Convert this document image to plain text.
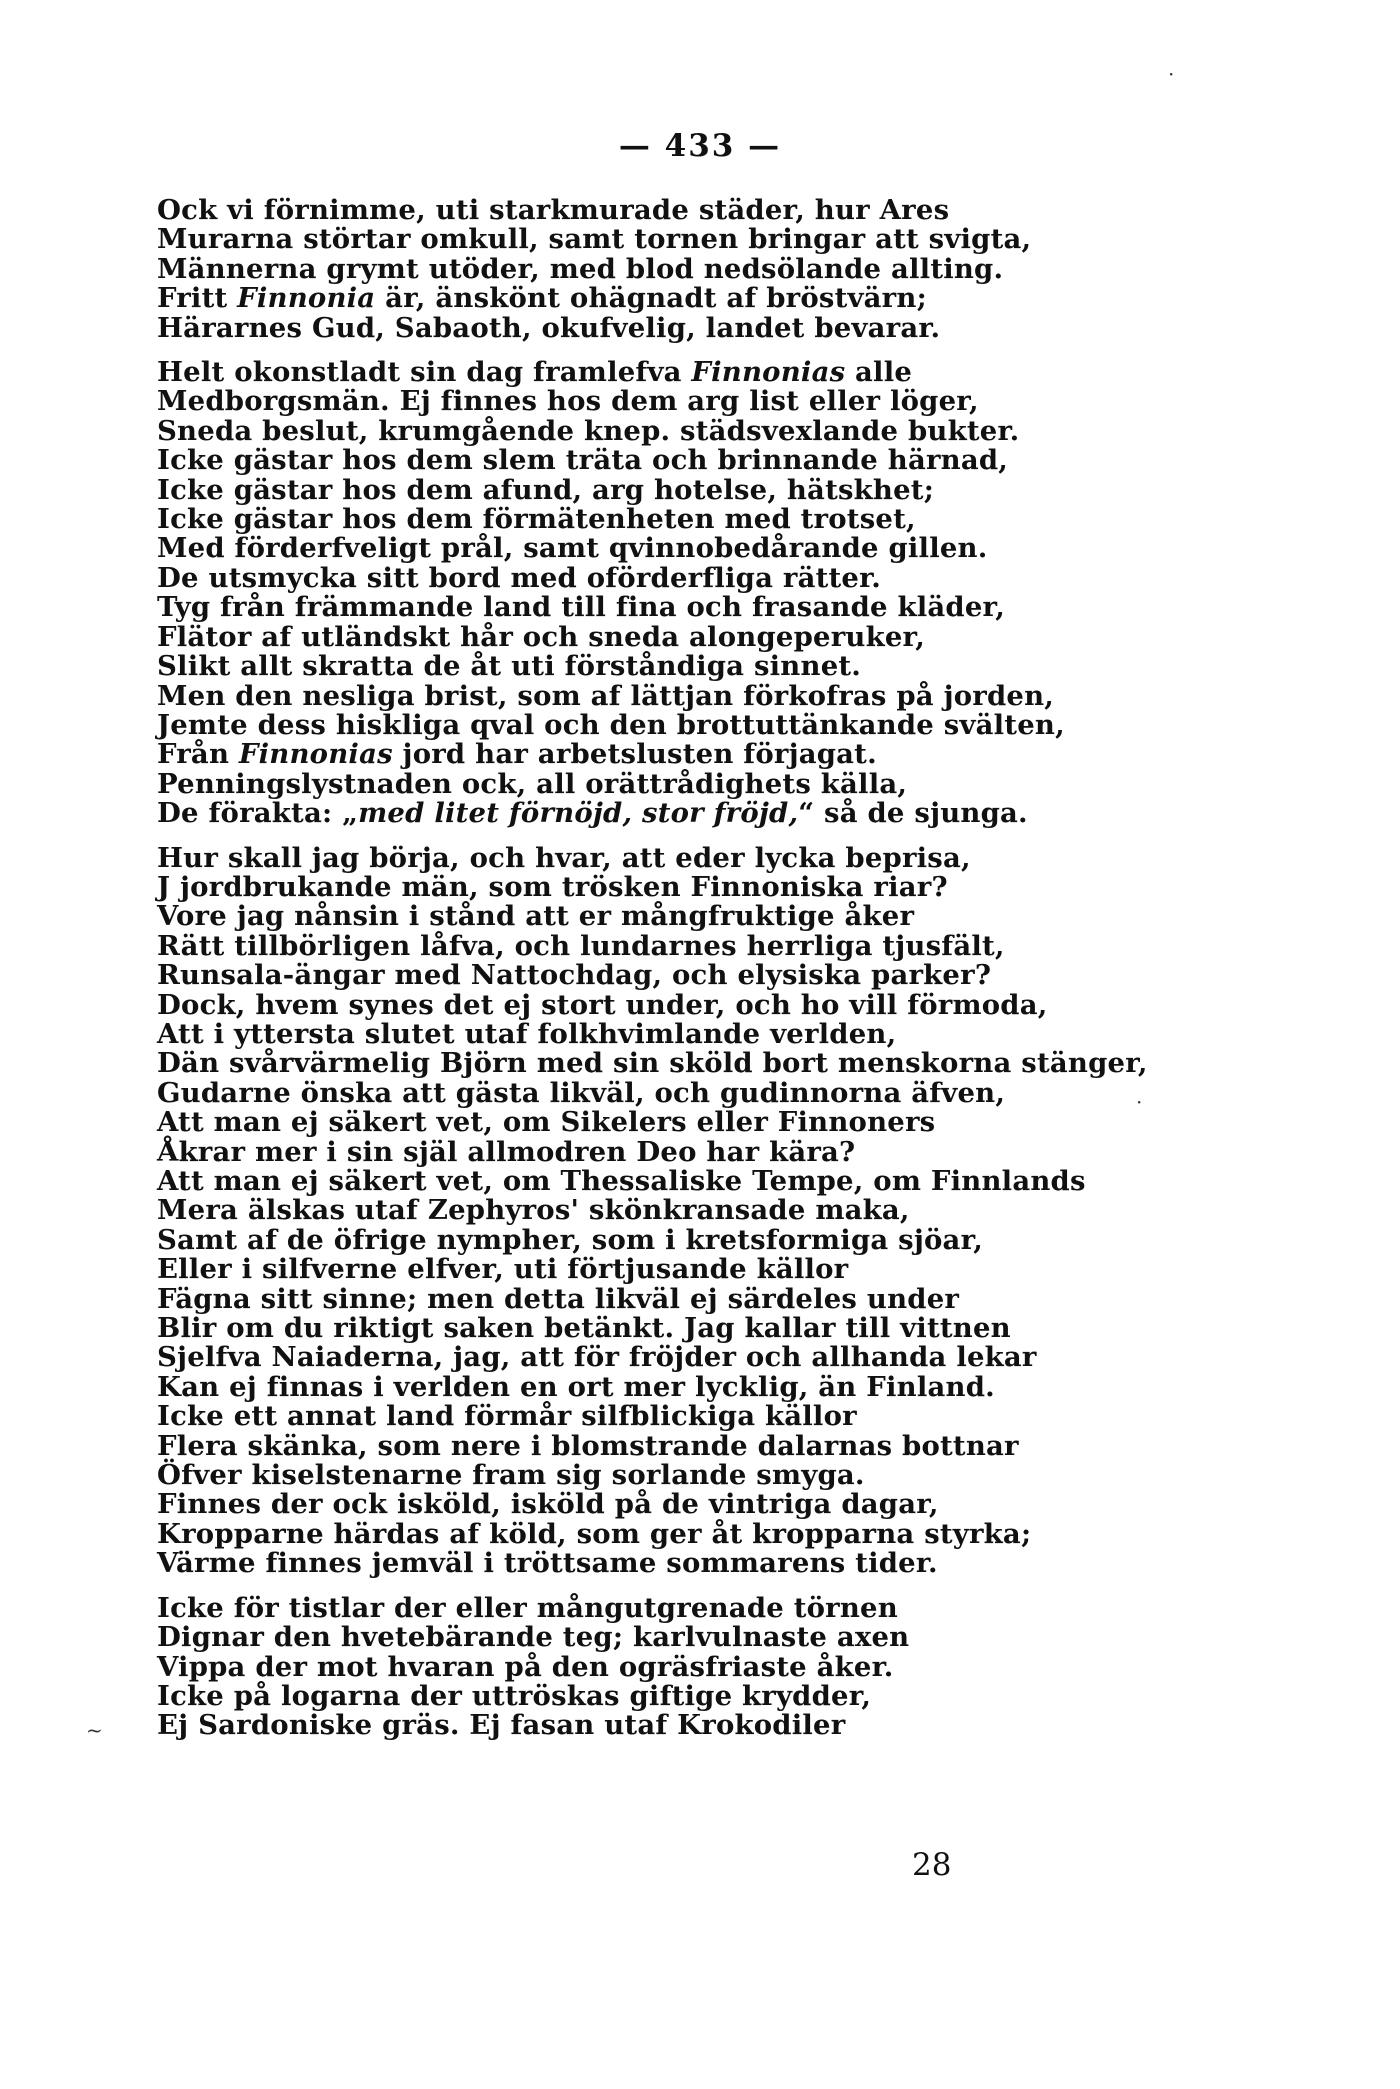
— 433 —
Ock vi förnimme, uti starkmurade städer, hur Ares
Murarna störtar omkull, samt tornen bringar att svigta,
Männerna grymt utöder, med blod nedsölande allting.
Fritt Finnonia är, änskönt ohägnadt af bröstvärn;
Härarnes Gud, Sabaoth, okufvelig, landet bevarar.
Helt okonstladt sin dag framlefva Finnonias alle
Medborgsmän. Ej finnes hos dem arg list eller löger,
Sneda beslut, krumgående knep. städsvexlande bukter.
Icke gästar hos dem slem träta och brinnande härnad,
Icke gästar hos dem afund, arg hotelse, hätskhet;
Icke gästar hos dem förmätenheten med trotset,
Med förderfveligt prål, samt qvinnobedårande gillen.
De utsmycka sitt bord med oförderfliga rätter.
Tyg från främmande land till fina och frasande kläder,
Flätor af utländskt hår och sneda alongeperuker,
Slikt allt skratta de åt uti förståndiga sinnet.
Men den nesliga brist, som af lättjan förkofras på jorden,
Jemte dess hiskliga qval och den brottuttänkande svälten,
Från Finnonias jord har arbetslusten förjagat.
Penningslystnaden ock, all orättrådighets källa,
De förakta: „med litet förnöjd, stor fröjd,“ så de sjunga.
Hur skall jag börja, och hvar, att eder lycka beprisa,
J jordbrukande män, som trösken Finnoniska riar?
Vore jag nånsin i stånd att er mångfruktige åker
Rätt tillbörligen låfva, och lundarnes herrliga tjusfält,
Runsala-ängar med Nattochdag, och elysiska parker?
Dock, hvem synes det ej stort under, och ho vill förmoda,
Att i yttersta slutet utaf folkhvimlande verlden,
Dän svårvärmelig Björn med sin sköld bort menskorna stänger,
Gudarne önska att gästa likväl, och gudinnorna äfven,
Att man ej säkert vet, om Sikelers eller Finnoners
Åkrar mer i sin själ allmodren Deo har kära?
Att man ej säkert vet, om Thessaliske Tempe, om Finnlands
Mera älskas utaf Zephyros' skönkransade maka,
Samt af de öfrige nympher, som i kretsformiga sjöar,
Eller i silfverne elfver, uti förtjusande källor
Fägna sitt sinne; men detta likväl ej särdeles under
Blir om du riktigt saken betänkt. Jag kallar till vittnen
Sjelfva Naiaderna, jag, att för fröjder och allhanda lekar
Kan ej finnas i verlden en ort mer lycklig, än Finland.
Icke ett annat land förmår silfblickiga källor
Flera skänka, som nere i blomstrande dalarnas bottnar
Öfver kiselstenarne fram sig sorlande smyga.
Finnes der ock isköld, isköld på de vintriga dagar,
Kropparne härdas af köld, som ger åt kropparna styrka;
Värme finnes jemväl i tröttsame sommarens tider.
Icke för tistlar der eller mångutgrenade törnen
Dignar den hvetebärande teg; karlvulnaste axen
Vippa der mot hvaran på den ogräsfriaste åker.
Icke på logarna der uttröskas giftige krydder,
Ej Sardoniske gräs. Ej fasan utaf Krokodiler
28
~
·
·
